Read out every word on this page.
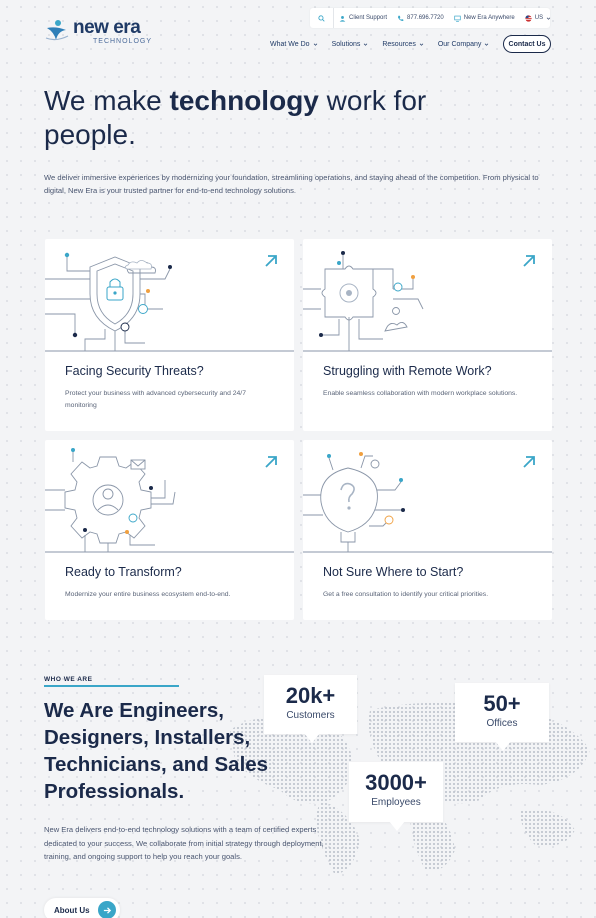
new era
TECHNOLOGY
Client Support	877.696.7720	New Era Anywhere	US
What We Do	Solutions	Resources	Our Company	Contact Us
We make technology work for people.

We deliver immersive experiences by modernizing your foundation, streamlining operations, and staying ahead of the competition. From physical to digital, New Era is your trusted partner for end-to-end technology solutions.

Facing Security Threats?
Protect your business with advanced cybersecurity and 24/7 monitoring
Struggling with Remote Work?
Enable seamless collaboration with modern workplace solutions.
Ready to Transform?
Modernize your entire business ecosystem end-to-end.
Not Sure Where to Start?
Get a free consultation to identify your critical priorities.
WHO WE ARE
We Are Engineers, Designers, Installers, Technicians, and Sales Professionals.

New Era delivers end-to-end technology solutions with a team of certified experts dedicated to your success. We collaborate from initial strategy through deployment, training, and ongoing support to help you reach your goals.

20k+
Customers	50+
Offices
3000+
Employees
About Us
